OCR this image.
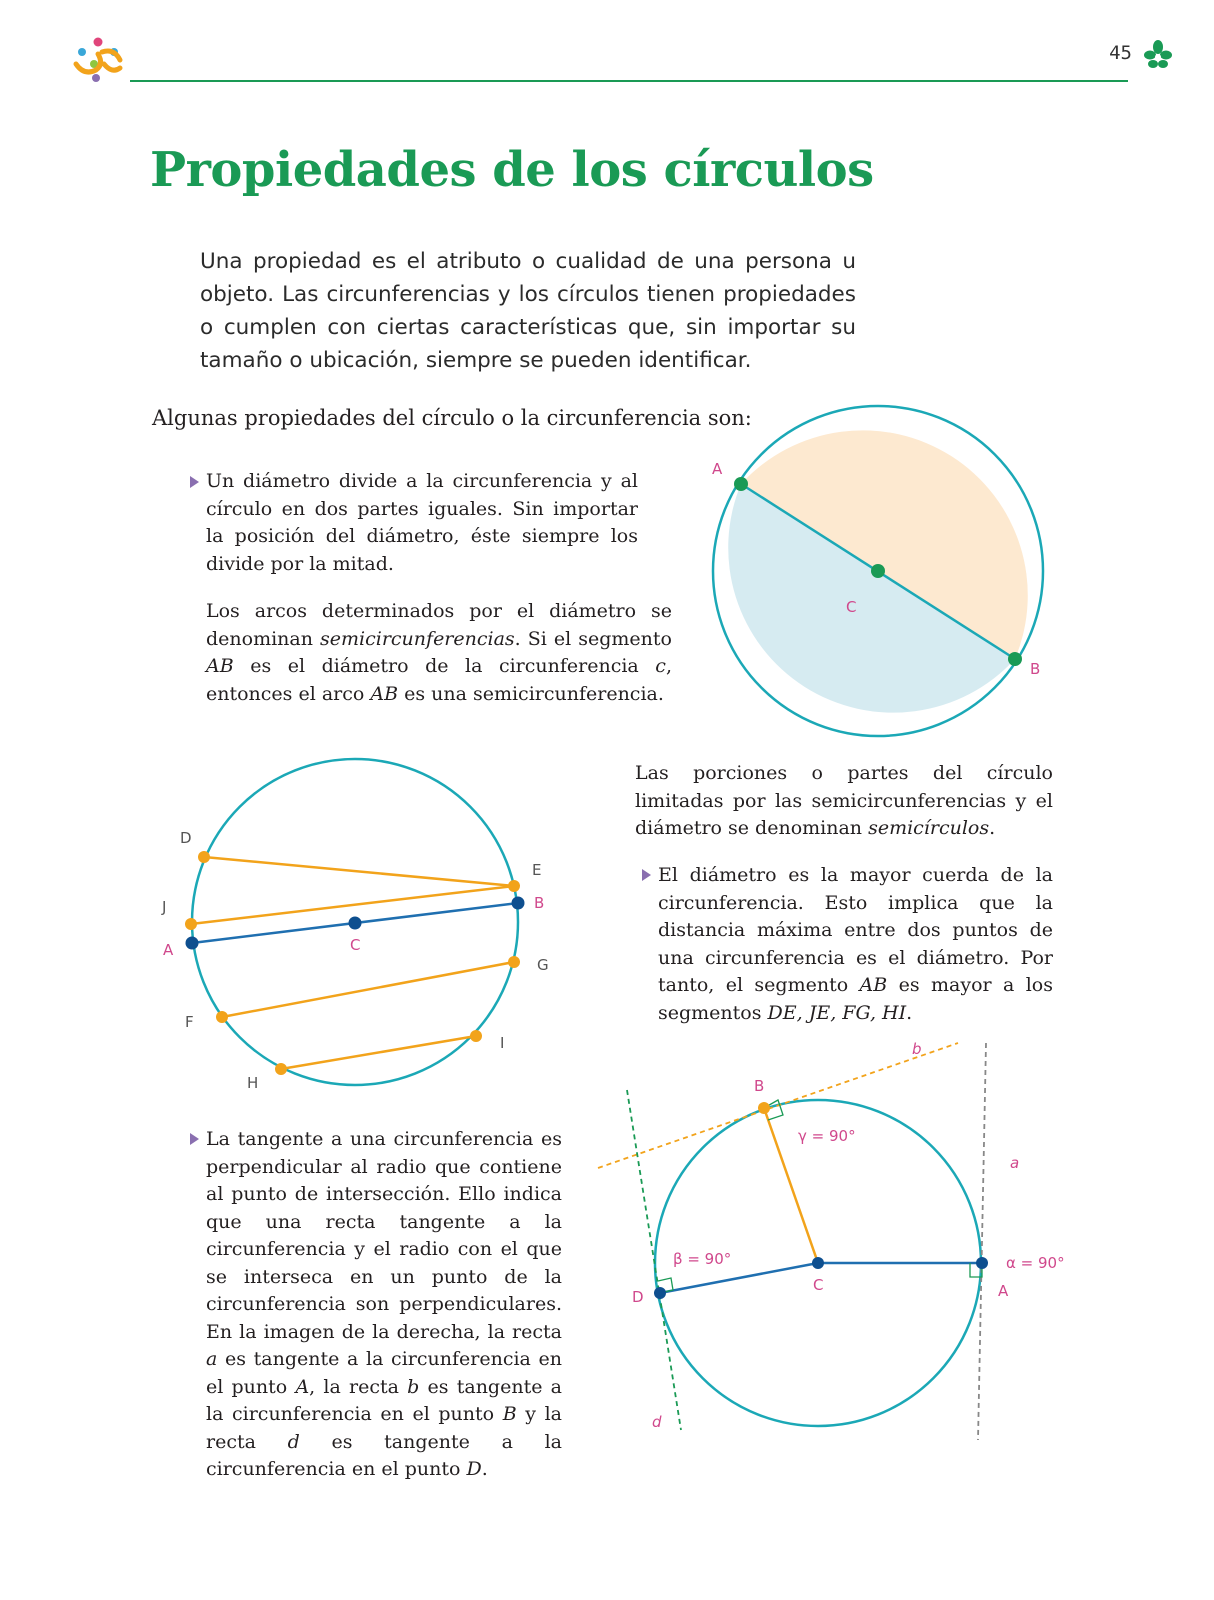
45
Propiedades de los círculos

Una propiedad es el atributo o cualidad de una persona u objeto. Las circunferencias y los círculos tienen propiedades o cumplen con ciertas características que, sin importar su tamaño o ubicación, siempre se pueden identificar.

Algunas propiedades del círculo o la circunferencia son:

Un diámetro divide a la circunferencia y al círculo en dos partes iguales. Sin importar la posición del diámetro, éste siempre los divide por la mitad.

Los arcos determinados por el diámetro se denominan semicircunferencias. Si el segmento AB es el diámetro de la circunferencia c, entonces el arco AB es una semicircunferencia.

Las porciones o partes del círculo limitadas por las semicircunferencias y el diámetro se denominan semicírculos.

El diámetro es la mayor cuerda de la circunferencia. Esto implica que la distancia máxima entre dos puntos de una circunferencia es el diámetro. Por tanto, el segmento AB es mayor a los segmentos DE, JE, FG, HI.

La tangente a una circunferencia es perpendicular al radio que contiene al punto de intersección. Ello indica que una recta tangente a la circunferencia y el radio con el que se interseca en un punto de la circunferencia son perpendiculares. En la imagen de la derecha, la recta a es tangente a la circunferencia en el punto A, la recta b es tangente a la circunferencia en el punto B y la recta d es tangente a la circunferencia en el punto D.

A
C
B
D
E
J	B
A	C
G
F
I
H
b
B
γ = 90°
a
β = 90°	α = 90°
D
C	A
d
